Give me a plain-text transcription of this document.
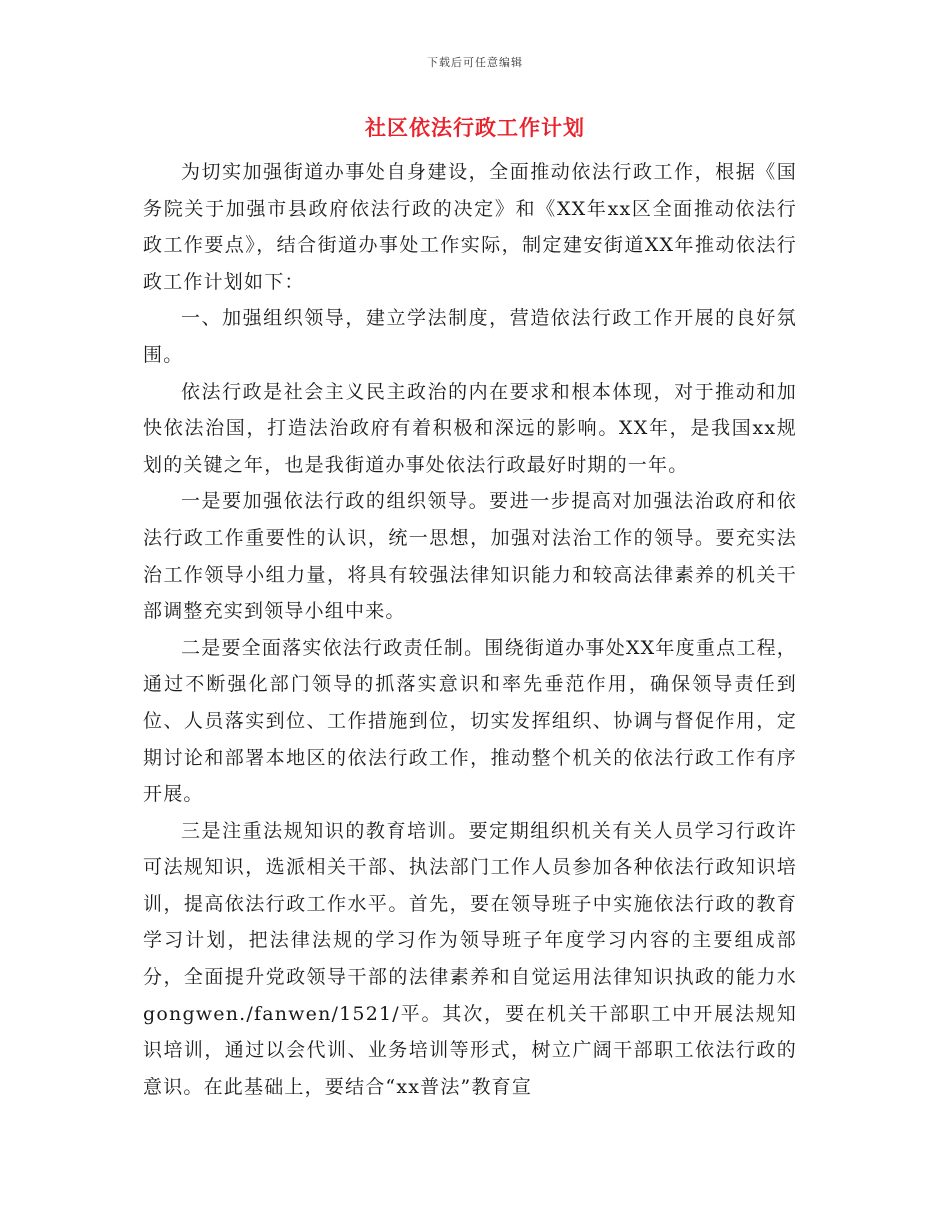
下载后可任意编辑
社区依法行政工作计划

为切实加强街道办事处自身建设，全面推动依法行政工作，根据《国务院关于加强市县政府依法行政的决定》和《XX年xx区全面推动依法行政工作要点》，结合街道办事处工作实际，制定建安街道XX年推动依法行政工作计划如下：

一、加强组织领导，建立学法制度，营造依法行政工作开展的良好氛围。

依法行政是社会主义民主政治的内在要求和根本体现，对于推动和加快依法治国，打造法治政府有着积极和深远的影响。XX年，是我国xx规划的关键之年，也是我街道办事处依法行政最好时期的一年。

一是要加强依法行政的组织领导。要进一步提高对加强法治政府和依法行政工作重要性的认识，统一思想，加强对法治工作的领导。要充实法治工作领导小组力量，将具有较强法律知识能力和较高法律素养的机关干部调整充实到领导小组中来。

二是要全面落实依法行政责任制。围绕街道办事处XX年度重点工程，通过不断强化部门领导的抓落实意识和率先垂范作用，确保领导责任到位、人员落实到位、工作措施到位，切实发挥组织、协调与督促作用，定期讨论和部署本地区的依法行政工作，推动整个机关的依法行政工作有序开展。

三是注重法规知识的教育培训。要定期组织机关有关人员学习行政许可法规知识，选派相关干部、执法部门工作人员参加各种依法行政知识培训，提高依法行政工作水平。首先，要在领导班子中实施依法行政的教育学习计划，把法律法规的学习作为领导班子年度学习内容的主要组成部分，全面提升党政领导干部的法律素养和自觉运用法律知识执政的能力水gongwen./fanwen/1521/平。其次，要在机关干部职工中开展法规知识培训，通过以会代训、业务培训等形式，树立广阔干部职工依法行政的意识。在此基础上，要结合“xx普法”教育宣
